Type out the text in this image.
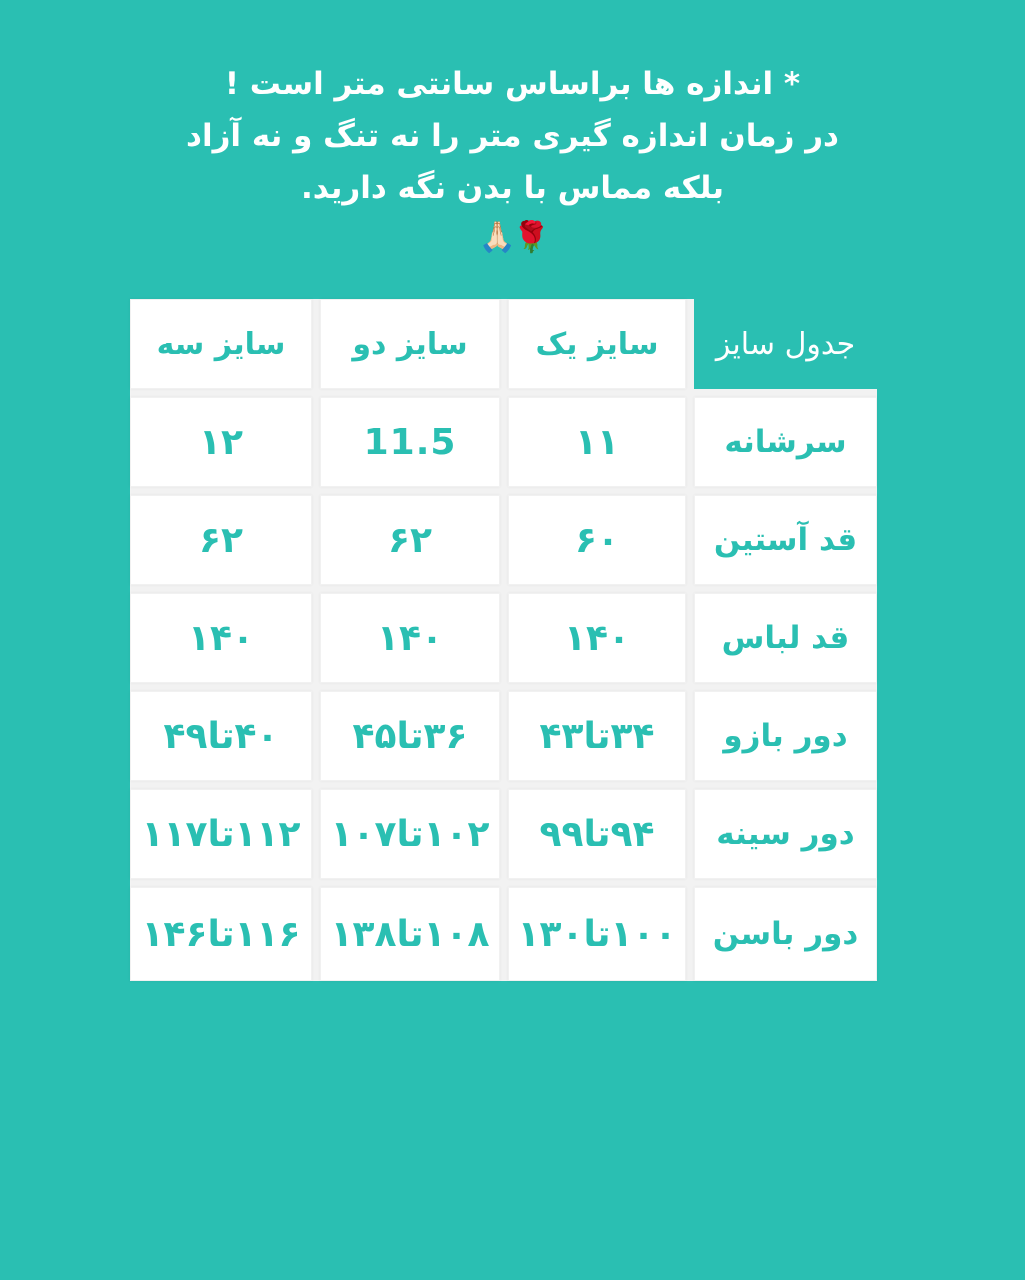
* اندازه ها براساس سانتی متر است !
در زمان اندازه گیری متر را نه تنگ و نه آزاد
بلکه مماس با بدن نگه دارید.
🙏🏻🌹
جدول سایز
سایز یک
سایز دو
سایز سه
سرشانه
۱۱
11.5
۱۲
قد آستین
۶۰
۶۲
۶۲
قد لباس
۱۴۰
۱۴۰
۱۴۰
دور بازو
۳۴تا۴۳
۳۶تا۴۵
۴۰تا۴۹
دور سینه
۹۴تا۹۹
۱۰۲تا۱۰۷
۱۱۲تا۱۱۷
دور باسن
۱۰۰تا۱۳۰
۱۰۸تا۱۳۸
۱۱۶تا۱۴۶
